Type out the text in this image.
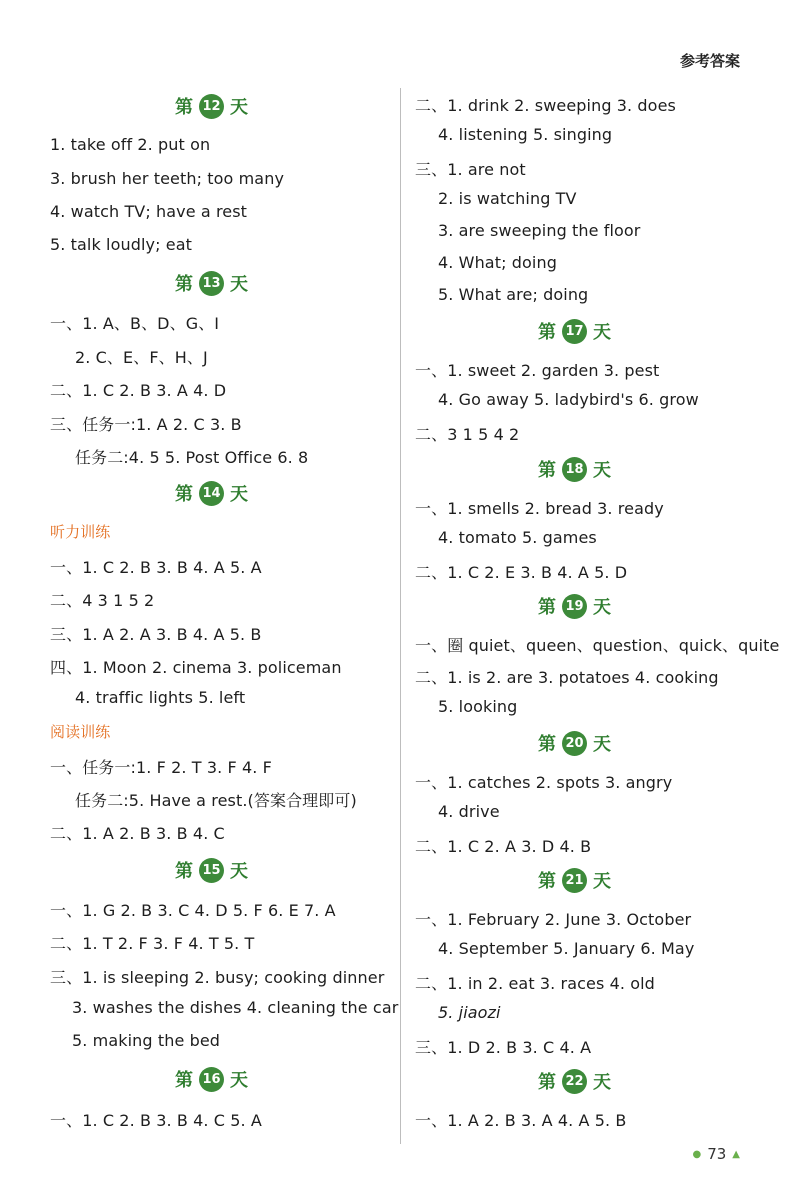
参考答案
第 12 天
1. take off 2. put on
3. brush her teeth; too many
4. watch TV; have a rest
5. talk loudly; eat
第 13 天
一、1. A、B、D、G、I
2. C、E、F、H、J
二、1. C 2. B 3. A 4. D
三、任务一:1. A 2. C 3. B
任务二:4. 5 5. Post Office 6. 8
第 14 天
听力训练
一、1. C 2. B 3. B 4. A 5. A
二、4 3 1 5 2
三、1. A 2. A 3. B 4. A 5. B
四、1. Moon 2. cinema 3. policeman
4. traffic lights 5. left
阅读训练
一、任务一:1. F 2. T 3. F 4. F
任务二:5. Have a rest.(答案合理即可)
二、1. A 2. B 3. B 4. C
第 15 天
一、1. G 2. B 3. C 4. D 5. F 6. E 7. A
二、1. T 2. F 3. F 4. T 5. T
三、1. is sleeping 2. busy; cooking dinner
3. washes the dishes 4. cleaning the car
5. making the bed
第 16 天
一、1. C 2. B 3. B 4. C 5. A
二、1. drink 2. sweeping 3. does
4. listening 5. singing
三、1. are not
2. is watching TV
3. are sweeping the floor
4. What; doing
5. What are; doing
第 17 天
一、1. sweet 2. garden 3. pest
4. Go away 5. ladybird's 6. grow
二、3 1 5 4 2
第 18 天
一、1. smells 2. bread 3. ready
4. tomato 5. games
二、1. C 2. E 3. B 4. A 5. D
第 19 天
一、圈 quiet、queen、question、quick、quite
二、1. is 2. are 3. potatoes 4. cooking
5. looking
第 20 天
一、1. catches 2. spots 3. angry
4. drive
二、1. C 2. A 3. D 4. B
第 21 天
一、1. February 2. June 3. October
4. September 5. January 6. May
二、1. in 2. eat 3. races 4. old
5. jiaozi
三、1. D 2. B 3. C 4. A
第 22 天
一、1. A 2. B 3. A 4. A 5. B
● 73 ▲
